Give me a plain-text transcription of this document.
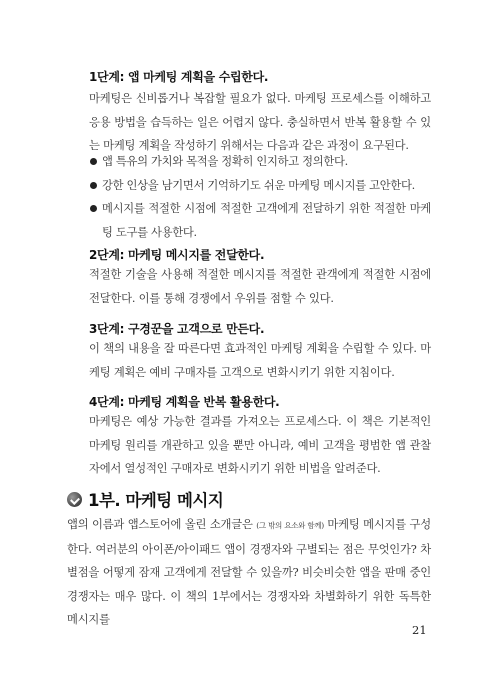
1단계: 앱 마케팅 계획을 수립한다.
마케팅은 신비롭거나 복잡할 필요가 없다. 마케팅 프로세스를 이해하고 응용 방법을 습득하는 일은 어렵지 않다. 충실하면서 반복 활용할 수 있는 마케팅 계획을 작성하기 위해서는 다음과 같은 과정이 요구된다.
앱 특유의 가치와 목적을 정확히 인지하고 정의한다.
강한 인상을 남기면서 기억하기도 쉬운 마케팅 메시지를 고안한다.
메시지를 적절한 시점에 적절한 고객에게 전달하기 위한 적절한 마케팅 도구를 사용한다.
2단계: 마케팅 메시지를 전달한다.
적절한 기술을 사용해 적절한 메시지를 적절한 관객에게 적절한 시점에 전달한다. 이를 통해 경쟁에서 우위를 점할 수 있다.
3단계: 구경꾼을 고객으로 만든다.
이 책의 내용을 잘 따른다면 효과적인 마케팅 계획을 수립할 수 있다. 마케팅 계획은 예비 구매자를 고객으로 변화시키기 위한 지침이다.
4단계: 마케팅 계획을 반복 활용한다.
마케팅은 예상 가능한 결과를 가져오는 프로세스다. 이 책은 기본적인 마케팅 원리를 개관하고 있을 뿐만 아니라, 예비 고객을 평범한 앱 관찰자에서 열성적인 구매자로 변화시키기 위한 비법을 알려준다.
1부. 마케팅 메시지
앱의 이름과 앱스토어에 올린 소개글은 (그 밖의 요소와 함께) 마케팅 메시지를 구성한다. 여러분의 아이폰/아이패드 앱이 경쟁자와 구별되는 점은 무엇인가? 차별점을 어떻게 잠재 고객에게 전달할 수 있을까? 비슷비슷한 앱을 판매 중인 경쟁자는 매우 많다. 이 책의 1부에서는 경쟁자와 차별화하기 위한 독특한 메시지를
21
